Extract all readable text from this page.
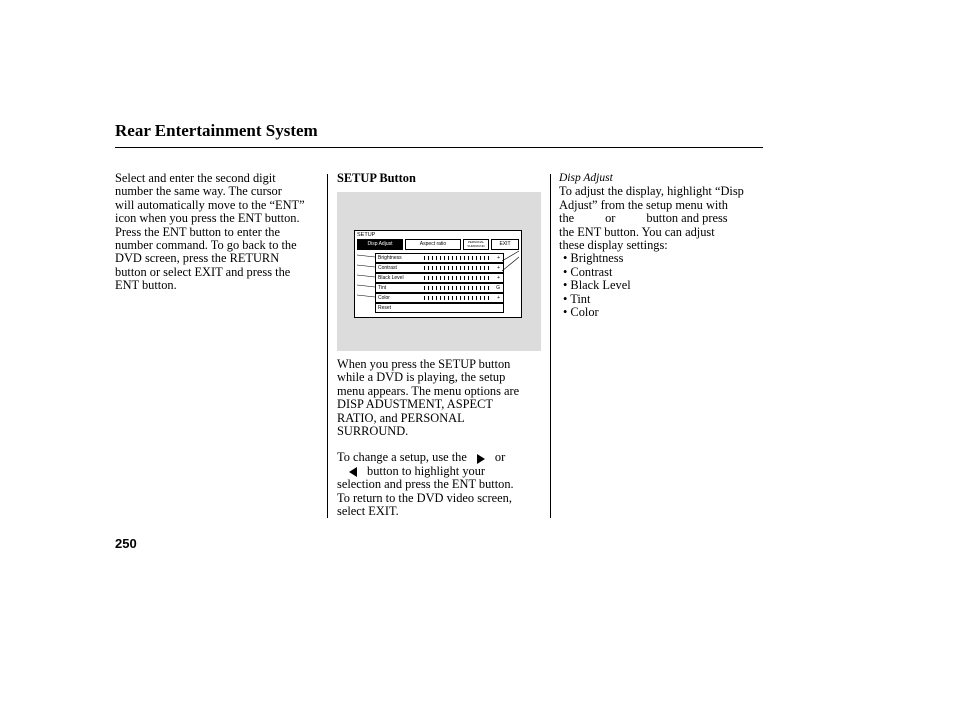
Rear Entertainment System
Select and enter the second digit
number the same way. The cursor
will automatically move to the “ENT”
icon when you press the ENT button.
Press the ENT button to enter the
number command. To go back to the
DVD screen, press the RETURN
button or select EXIT and press the
ENT button.
SETUP Button
SETUP
Disp Adjust	Aspect ratio	PERSONAL SURROUND	EXIT
Brightness	+
Contrast	+
Black Level	+
Tint	G
Color	+
Reset
When you press the SETUP button
while a DVD is playing, the setup
menu appears. The menu options are
DISP ADUSTMENT, ASPECT
RATIO, and PERSONAL
SURROUND.
To change a setup, use the or
button to highlight your
selection and press the ENT button.
To return to the DVD video screen,
select EXIT.
Disp Adjust
To adjust the display, highlight “Disp
Adjust” from the setup menu with
the          or          button and press
the ENT button. You can adjust
these display settings:
• Brightness
• Contrast
• Black Level
• Tint
• Color
250
